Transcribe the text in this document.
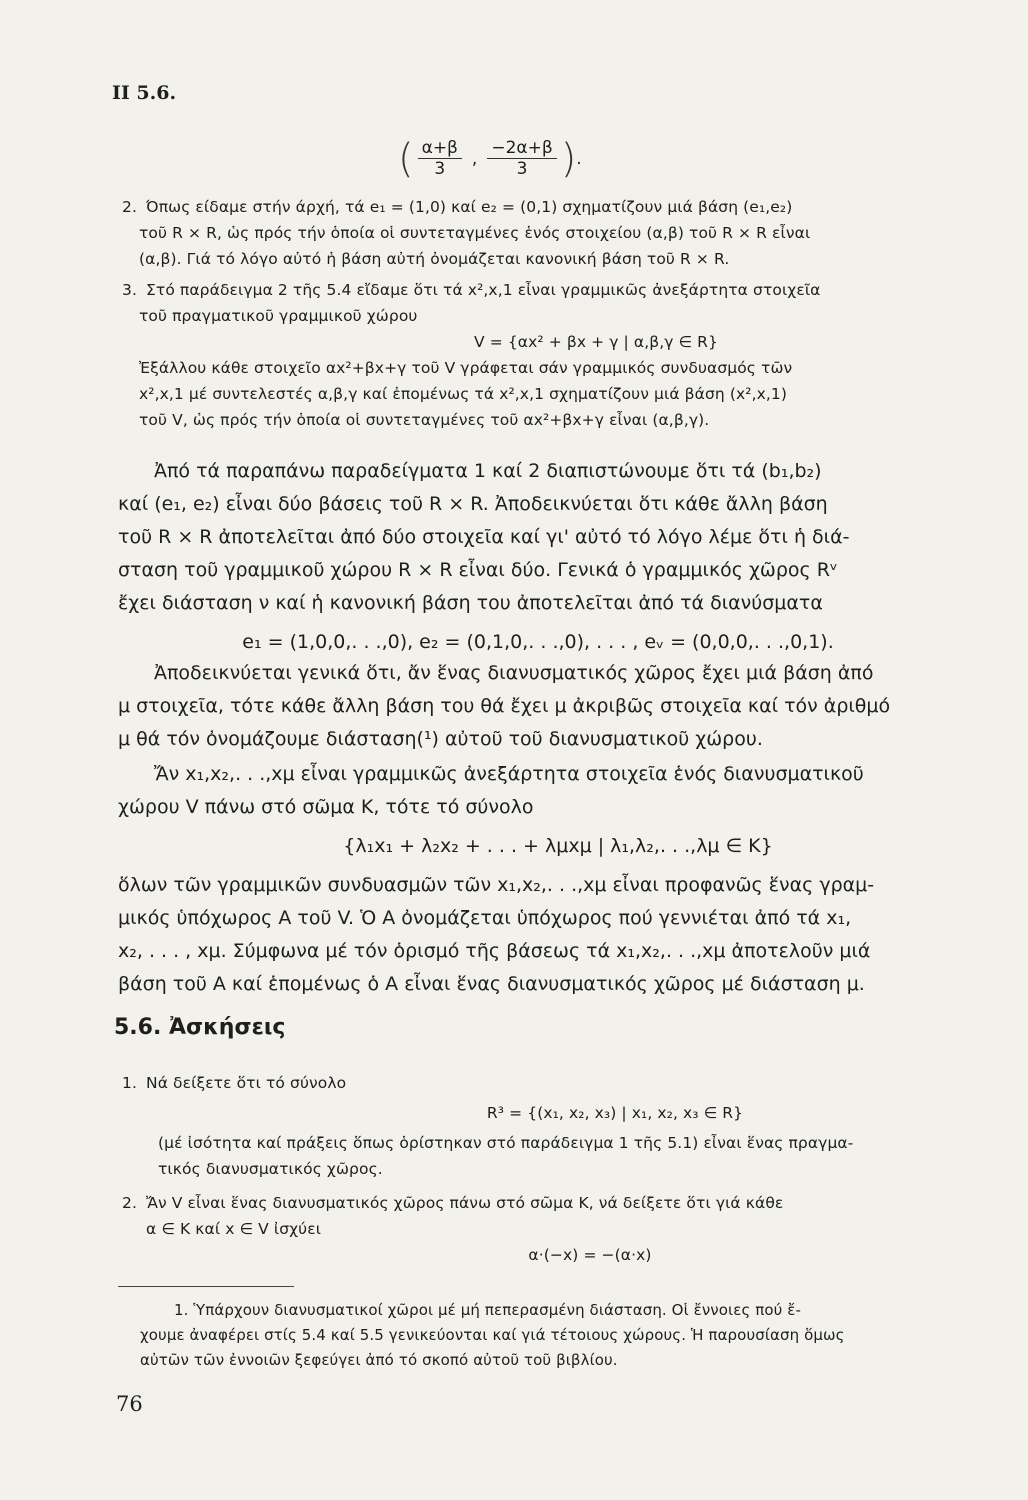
II 5.6.
( $\frac{\alpha+\beta}{3}$ , $\frac{-2\alpha+\beta}{3}$ ) .
2. Όπως είδαμε στήν άρχή, τά e₁ = (1,0) καί e₂ = (0,1) σχηματίζουν μιά βάση (e₁,e₂)
τοῦ R × R, ὡς πρός τήν ὁποία οἱ συντεταγμένες ἑνός στοιχείου (α,β) τοῦ R × R εἶναι
(α,β). Γιά τό λόγο αὐτό ἡ βάση αὐτή ὀνομάζεται κανονική βάση τοῦ R × R.
3. Στό παράδειγμα 2 τῆς 5.4 εἴδαμε ὅτι τά x²,x,1 εἶναι γραμμικῶς ἀνεξάρτητα στοιχεῖα
τοῦ πραγματικοῦ γραμμικοῦ χώρου
V = {αx² + βx + γ | α,β,γ ∈ R}
Ἐξάλλου κάθε στοιχεῖο αx²+βx+γ τοῦ V γράφεται σάν γραμμικός συνδυασμός τῶν
x²,x,1 μέ συντελεστές α,β,γ καί ἐπομένως τά x²,x,1 σχηματίζουν μιά βάση (x²,x,1)
τοῦ V, ὡς πρός τήν ὁποία οἱ συντεταγμένες τοῦ αx²+βx+γ εἶναι (α,β,γ).
Ἀπό τά παραπάνω παραδείγματα 1 καί 2 διαπιστώνουμε ὅτι τά (b₁,b₂)
καί (e₁, e₂) εἶναι δύο βάσεις τοῦ R × R. Ἀποδεικνύεται ὅτι κάθε ἄλλη βάση
τοῦ R × R ἀποτελεῖται ἀπό δύο στοιχεῖα καί γι' αὐτό τό λόγο λέμε ὅτι ἡ διά-
σταση τοῦ γραμμικοῦ χώρου R × R εἶναι δύο. Γενικά ὁ γραμμικός χῶρος Rᵛ
ἔχει διάσταση ν καί ἡ κανονική βάση του ἀποτελεῖται ἀπό τά διανύσματα
e₁ = (1,0,0,. . .,0), e₂ = (0,1,0,. . .,0), . . . , eᵥ = (0,0,0,. . .,0,1).
Ἀποδεικνύεται γενικά ὅτι, ἄν ἕνας διανυσματικός χῶρος ἔχει μιά βάση ἀπό
μ στοιχεῖα, τότε κάθε ἄλλη βάση του θά ἔχει μ ἀκριβῶς στοιχεῖα καί τόν ἀριθμό
μ θά τόν ὀνομάζουμε διάσταση(¹) αὐτοῦ τοῦ διανυσματικοῦ χώρου.
Ἄν x₁,x₂,. . .,xμ εἶναι γραμμικῶς ἀνεξάρτητα στοιχεῖα ἑνός διανυσματικοῦ
χώρου V πάνω στό σῶμα K, τότε τό σύνολο
{λ₁x₁ + λ₂x₂ + . . . + λμxμ | λ₁,λ₂,. . .,λμ ∈ K}
ὅλων τῶν γραμμικῶν συνδυασμῶν τῶν x₁,x₂,. . .,xμ εἶναι προφανῶς ἕνας γραμ-
μικός ὑπόχωρος A τοῦ V. Ὁ A ὀνομάζεται ὑπόχωρος πού γεννιέται ἀπό τά x₁,
x₂, . . . , xμ. Σύμφωνα μέ τόν ὁρισμό τῆς βάσεως τά x₁,x₂,. . .,xμ ἀποτελοῦν μιά
βάση τοῦ A καί ἑπομένως ὁ A εἶναι ἕνας διανυσματικός χῶρος μέ διάσταση μ.
5.6. Ἀσκήσεις
1. Νά δείξετε ὅτι τό σύνολο
R³ = {(x₁, x₂, x₃) | x₁, x₂, x₃ ∈ R}
(μέ ἰσότητα καί πράξεις ὅπως ὁρίστηκαν στό παράδειγμα 1 τῆς 5.1) εἶναι ἕνας πραγμα-
τικός διανυσματικός χῶρος.
2. Ἄν V εἶναι ἕνας διανυσματικός χῶρος πάνω στό σῶμα K, νά δείξετε ὅτι γιά κάθε
α ∈ K καί x ∈ V ἰσχύει
α·(−x) = −(α·x)
1. Ὑπάρχουν διανυσματικοί χῶροι μέ μή πεπερασμένη διάσταση. Οἱ ἔννοιες πού ἔ-
χουμε ἀναφέρει στίς 5.4 καί 5.5 γενικεύονται καί γιά τέτοιους χώρους. Ἡ παρουσίαση ὅμως
αὐτῶν τῶν ἐννοιῶν ξεφεύγει ἀπό τό σκοπό αὐτοῦ τοῦ βιβλίου.
76
